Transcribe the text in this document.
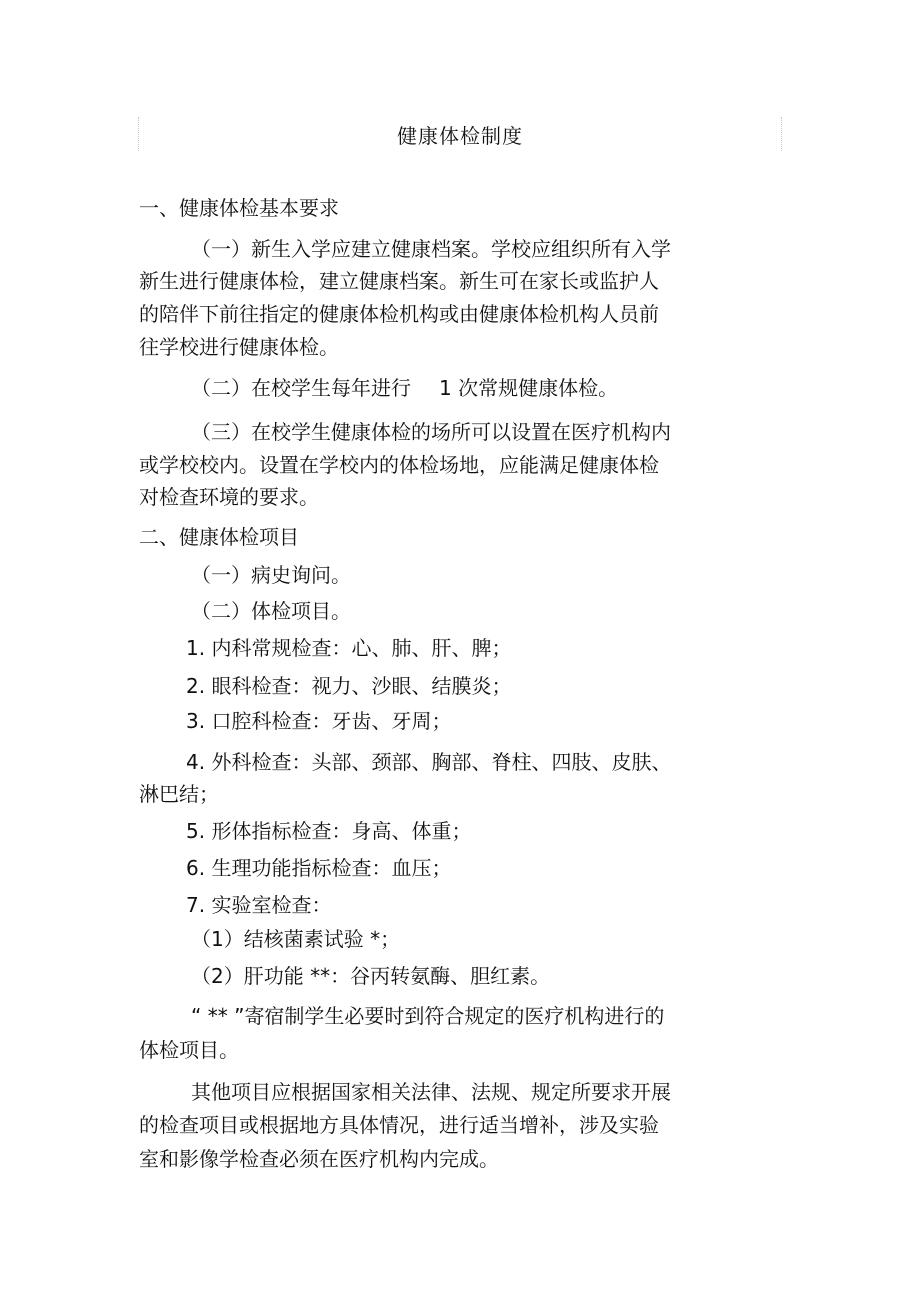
健康体检制度
一、健康体检基本要求
（一）新生入学应建立健康档案。学校应组织所有入学
新生进行健康体检，建立健康档案。新生可在家长或监护人
的陪伴下前往指定的健康体检机构或由健康体检机构人员前
往学校进行健康体检。
（二）在校学生每年进行 1 次常规健康体检。
（三）在校学生健康体检的场所可以设置在医疗机构内
或学校校内。设置在学校内的体检场地，应能满足健康体检
对检查环境的要求。
二、健康体检项目
（一）病史询问。
（二）体检项目。
1. 内科常规检查：心、肺、肝、脾；
2. 眼科检查：视力、沙眼、结膜炎；
3. 口腔科检查：牙齿、牙周；
4. 外科检查：头部、颈部、胸部、脊柱、四肢、皮肤、
淋巴结；
5. 形体指标检查：身高、体重；
6. 生理功能指标检查：血压；
7. 实验室检查：
（1）结核菌素试验 *；
（2）肝功能 **：谷丙转氨酶、胆红素。
“ ** ”寄宿制学生必要时到符合规定的医疗机构进行的
体检项目。
其他项目应根据国家相关法律、法规、规定所要求开展
的检查项目或根据地方具体情况，进行适当增补，涉及实验
室和影像学检查必须在医疗机构内完成。
